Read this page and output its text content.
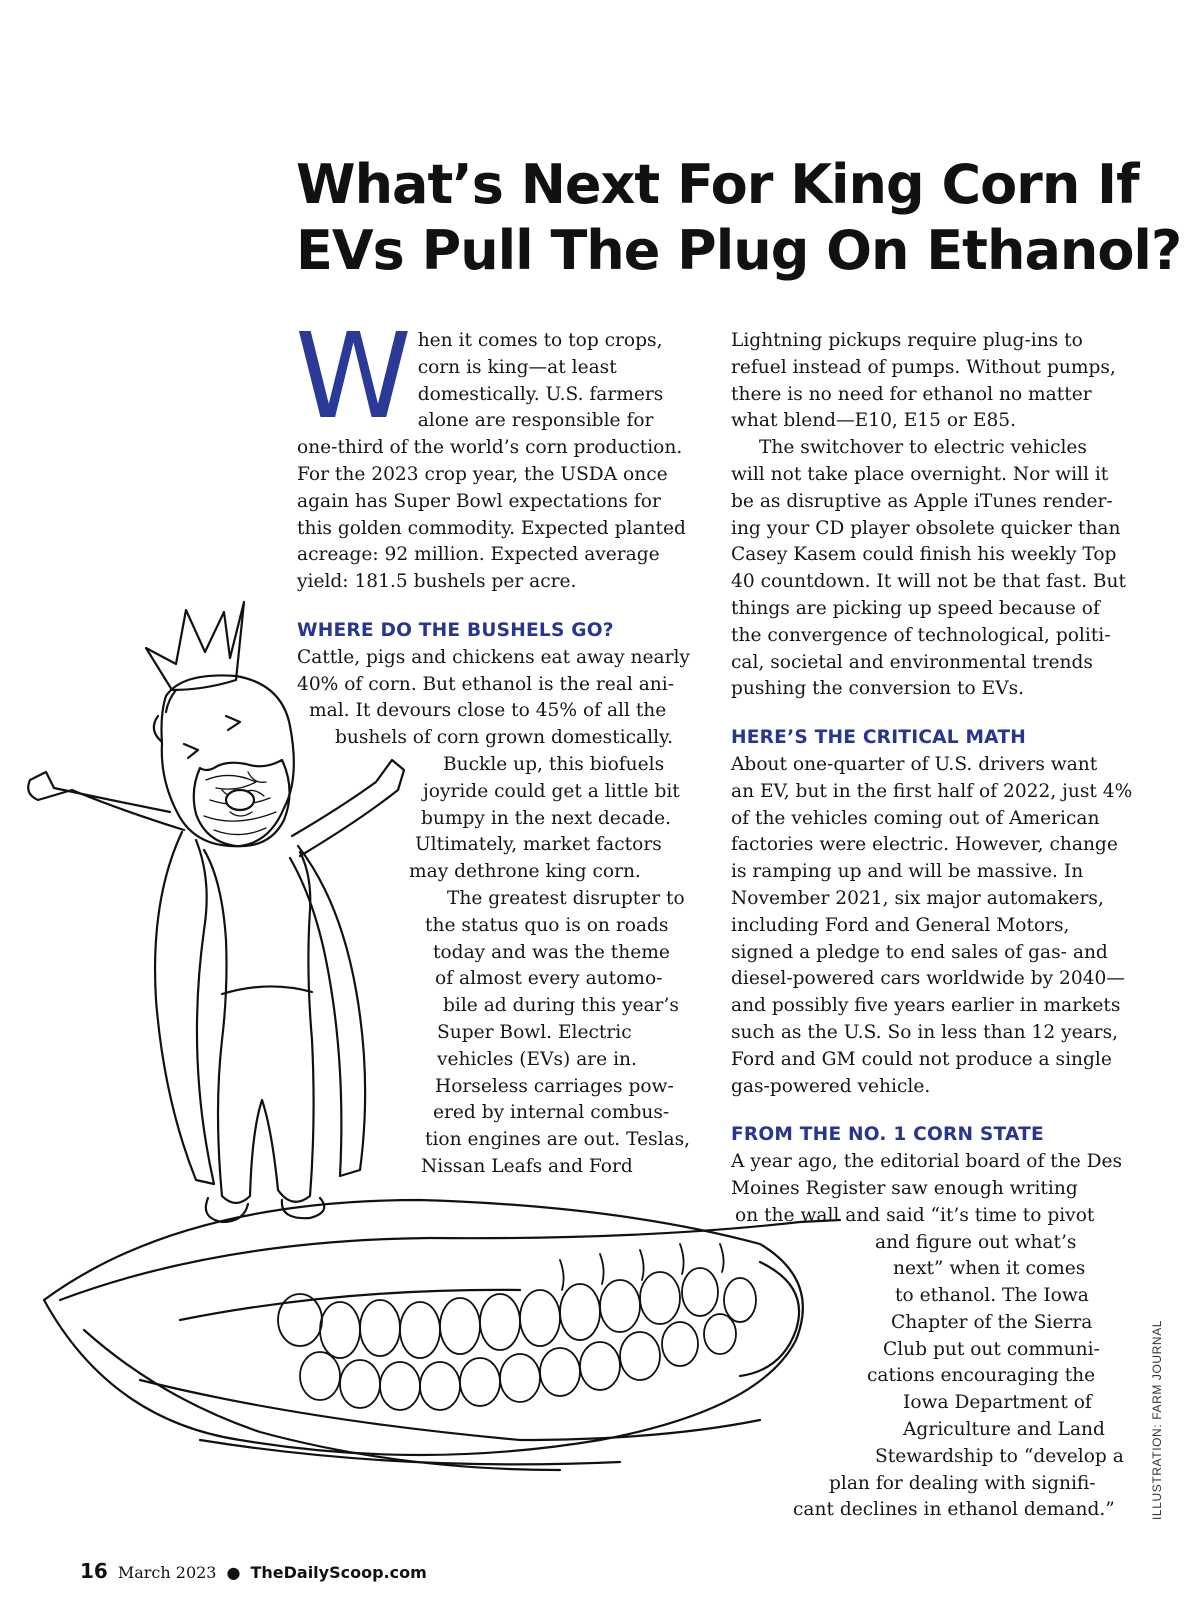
What’s Next For King Corn If
EVs Pull The Plug On Ethanol?

W hen it comes to top crops,
corn is king—at least
domestically. U.S. farmers
alone are responsible for
one-third of the world’s corn production.
For the 2023 crop year, the USDA once
again has Super Bowl expectations for
this golden commodity. Expected planted
acreage: 92 million. Expected average
yield: 181.5 bushels per acre.

WHERE DO THE BUSHELS GO?

Cattle, pigs and chickens eat away nearly
40% of corn. But ethanol is the real ani-
mal. It devours close to 45% of all the
bushels of corn grown domestically.
Buckle up, this biofuels
joyride could get a little bit
bumpy in the next decade.
Ultimately, market factors
may dethrone king corn.
The greatest disrupter to
the status quo is on roads
today and was the theme
of almost every automo-
bile ad during this year’s
Super Bowl. Electric
vehicles (EVs) are in.
Horseless carriages pow-
ered by internal combus-
tion engines are out. Teslas,
Nissan Leafs and Ford

Lightning pickups require plug-ins to
refuel instead of pumps. Without pumps,
there is no need for ethanol no matter
what blend—E10, E15 or E85.

The switchover to electric vehicles
will not take place overnight. Nor will it
be as disruptive as Apple iTunes render-
ing your CD player obsolete quicker than
Casey Kasem could finish his weekly Top
40 countdown. It will not be that fast. But
things are picking up speed because of
the convergence of technological, politi-
cal, societal and environmental trends
pushing the conversion to EVs.

HERE’S THE CRITICAL MATH

About one-quarter of U.S. drivers want
an EV, but in the first half of 2022, just 4%
of the vehicles coming out of American
factories were electric. However, change
is ramping up and will be massive. In
November 2021, six major automakers,
including Ford and General Motors,
signed a pledge to end sales of gas- and
diesel-powered cars worldwide by 2040—
and possibly five years earlier in markets
such as the U.S. So in less than 12 years,
Ford and GM could not produce a single
gas-powered vehicle.

FROM THE NO. 1 CORN STATE

A year ago, the editorial board of the Des
Moines Register saw enough writing
on the wall and said “it’s time to pivot
and figure out what’s
next” when it comes
to ethanol. The Iowa
Chapter of the Sierra
Club put out communi-
cations encouraging the
Iowa Department of
Agriculture and Land
Stewardship to “develop a
plan for dealing with signifi-
cant declines in ethanol demand.”	ILLUSTRATION: FARM JOURNAL
16 March 2023 ● TheDailyScoop.com
